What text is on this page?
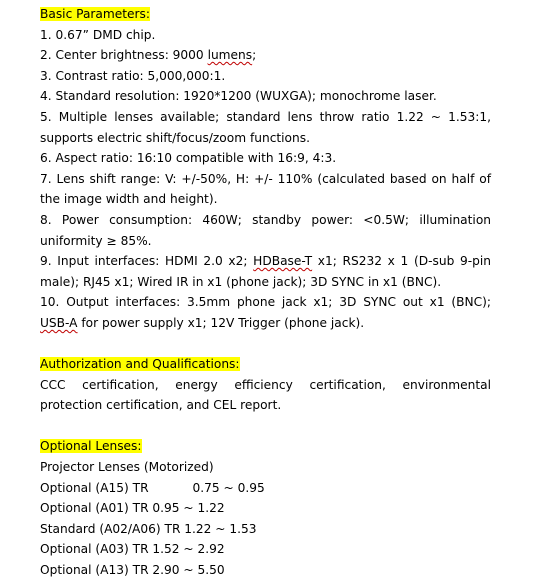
Basic Parameters:
1. 0.67” DMD chip.
2. Center brightness: 9000 lumens;
3. Contrast ratio: 5,000,000:1.
4. Standard resolution: 1920*1200 (WUXGA); monochrome laser.
5. Multiple lenses available; standard lens throw ratio 1.22 ~ 1.53:1, supports electric shift/focus/zoom functions.
6. Aspect ratio: 16:10 compatible with 16:9, 4:3.
7. Lens shift range: V: +/-50%, H: +/- 110% (calculated based on half of the image width and height).
8. Power consumption: 460W; standby power: <0.5W; illumination uniformity ≥ 85%.
9. Input interfaces: HDMI 2.0 x2; HDBase-T x1; RS232 x 1 (D-sub 9-pin male); RJ45 x1; Wired IR in x1 (phone jack); 3D SYNC in x1 (BNC).
10. Output interfaces: 3.5mm phone jack x1; 3D SYNC out x1 (BNC); USB-A for power supply x1; 12V Trigger (phone jack).
Authorization and Qualifications:
CCC certification, energy efficiency certification, environmental protection certification, and CEL report.
Optional Lenses:
Projector Lenses (Motorized)
Optional (A15) TR	0.75 ~ 0.95
Optional (A01) TR 0.95 ~ 1.22
Standard (A02/A06) TR 1.22 ~ 1.53
Optional (A03) TR 1.52 ~ 2.92
Optional (A13) TR 2.90 ~ 5.50
